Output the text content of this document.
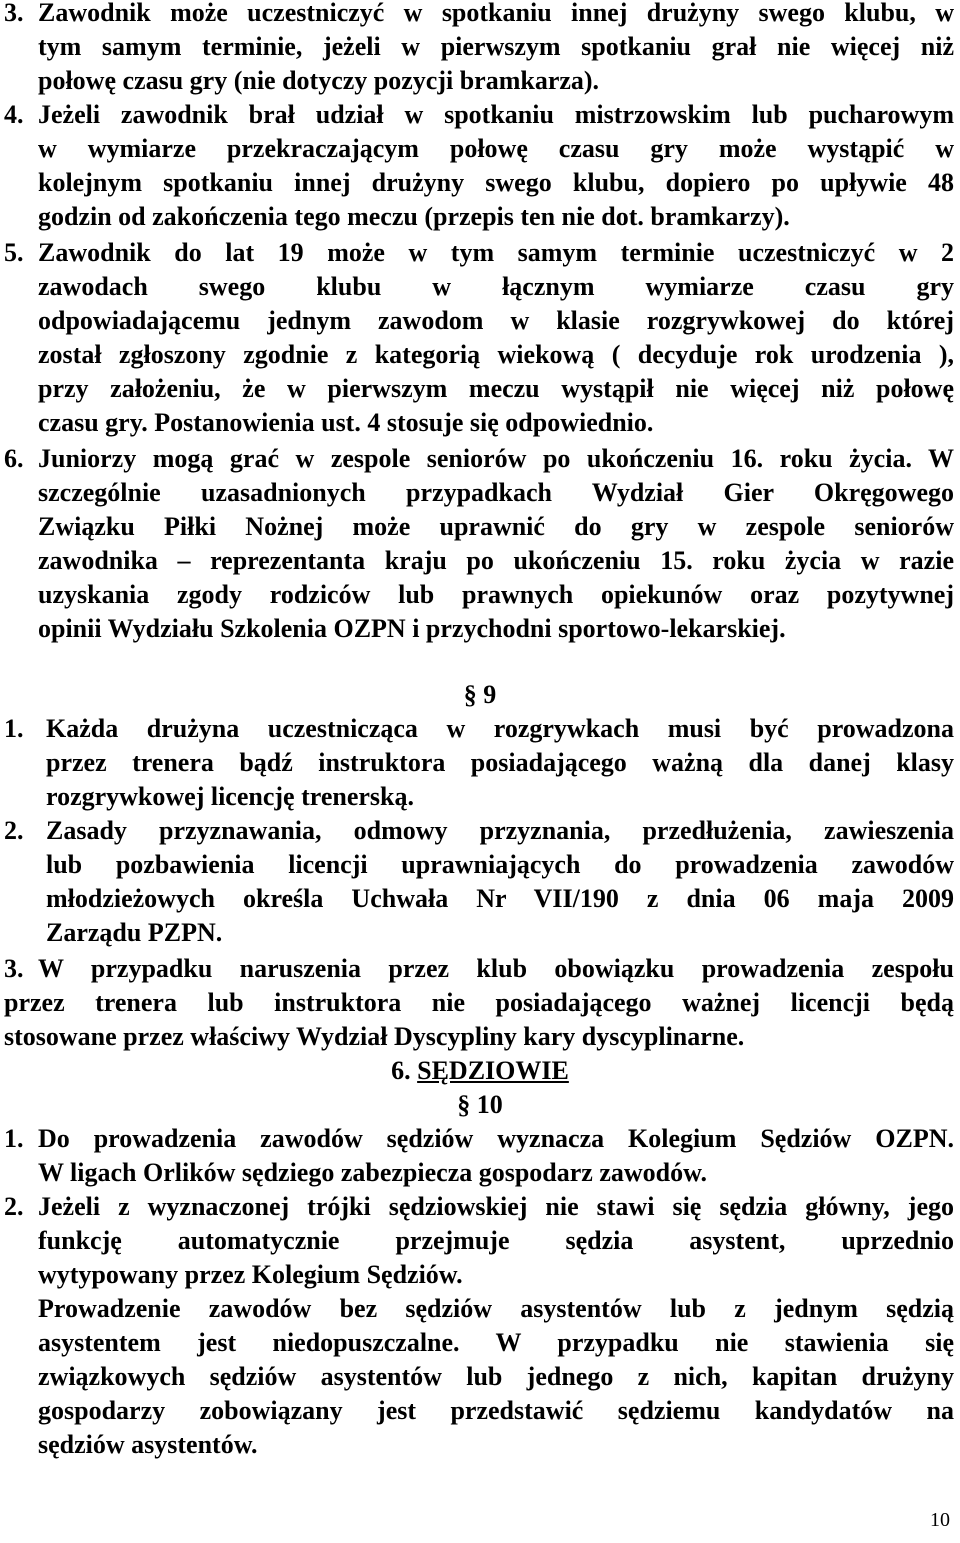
3. Zawodnik może uczestniczyć w spotkaniu innej drużyny swego klubu, w

tym samym terminie, jeżeli w pierwszym spotkaniu grał nie więcej niż

połowę czasu gry (nie dotyczy pozycji bramkarza).

4. Jeżeli zawodnik brał udział w spotkaniu mistrzowskim lub pucharowym

w wymiarze przekraczającym połowę czasu gry może wystąpić w

kolejnym spotkaniu innej drużyny swego klubu, dopiero po upływie 48

godzin od zakończenia tego meczu (przepis ten nie dot. bramkarzy).

5. Zawodnik do lat 19 może w tym samym terminie uczestniczyć w 2

zawodach swego klubu w łącznym wymiarze czasu gry

odpowiadającemu jednym zawodom w klasie rozgrywkowej do której

został zgłoszony zgodnie z kategorią wiekową ( decyduje rok urodzenia ),

przy założeniu, że w pierwszym meczu wystąpił nie więcej niż połowę

czasu gry. Postanowienia ust. 4 stosuje się odpowiednio.

6. Juniorzy mogą grać w zespole seniorów po ukończeniu 16. roku życia. W

szczególnie uzasadnionych przypadkach Wydział Gier Okręgowego

Związku Piłki Nożnej może uprawnić do gry w zespole seniorów

zawodnika – reprezentanta kraju po ukończeniu 15. roku życia w razie

uzyskania zgody rodziców lub prawnych opiekunów oraz pozytywnej

opinii Wydziału Szkolenia OZPN i przychodni sportowo-lekarskiej.

§ 9

1. Każda drużyna uczestnicząca w rozgrywkach musi być prowadzona

przez trenera bądź instruktora posiadającego ważną dla danej klasy

rozgrywkowej licencję trenerską.

2. Zasady przyznawania, odmowy przyznania, przedłużenia, zawieszenia

lub pozbawienia licencji uprawniających do prowadzenia zawodów

młodzieżowych określa Uchwała Nr VII/190 z dnia 06 maja 2009

Zarządu PZPN.

3. W przypadku naruszenia przez klub obowiązku prowadzenia zespołu

przez trenera lub instruktora nie posiadającego ważnej licencji będą

stosowane przez właściwy Wydział Dyscypliny kary dyscyplinarne.

6. SĘDZIOWIE

§ 10

1. Do prowadzenia zawodów sędziów wyznacza Kolegium Sędziów OZPN.

W ligach Orlików sędziego zabezpiecza gospodarz zawodów.

2. Jeżeli z wyznaczonej trójki sędziowskiej nie stawi się sędzia główny, jego

funkcję automatycznie przejmuje sędzia asystent, uprzednio

wytypowany przez Kolegium Sędziów.

Prowadzenie zawodów bez sędziów asystentów lub z jednym sędzią

asystentem jest niedopuszczalne. W przypadku nie stawienia się

związkowych sędziów asystentów lub jednego z nich, kapitan drużyny

gospodarzy zobowiązany jest przedstawić sędziemu kandydatów na

sędziów asystentów.

10
